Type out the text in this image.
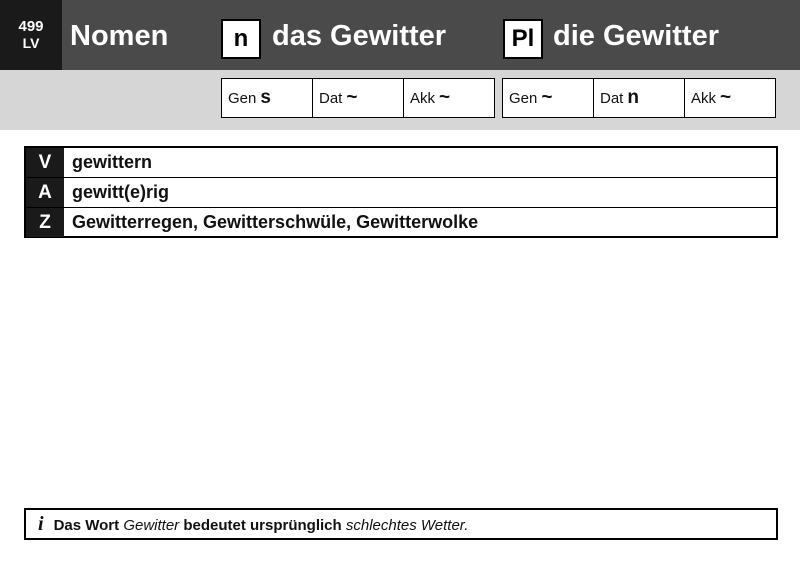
499
LV	Nomen	n das Gewitter	Pl die Gewitter
Gen s	Dat ~	Akk ~	Gen ~	Dat n	Akk ~
V	gewittern
A	gewitt(e)rig
Z	Gewitterregen, Gewitterschwüle, Gewitterwolke
i Das Wort Gewitter bedeutet ursprünglich schlechtes Wetter.
